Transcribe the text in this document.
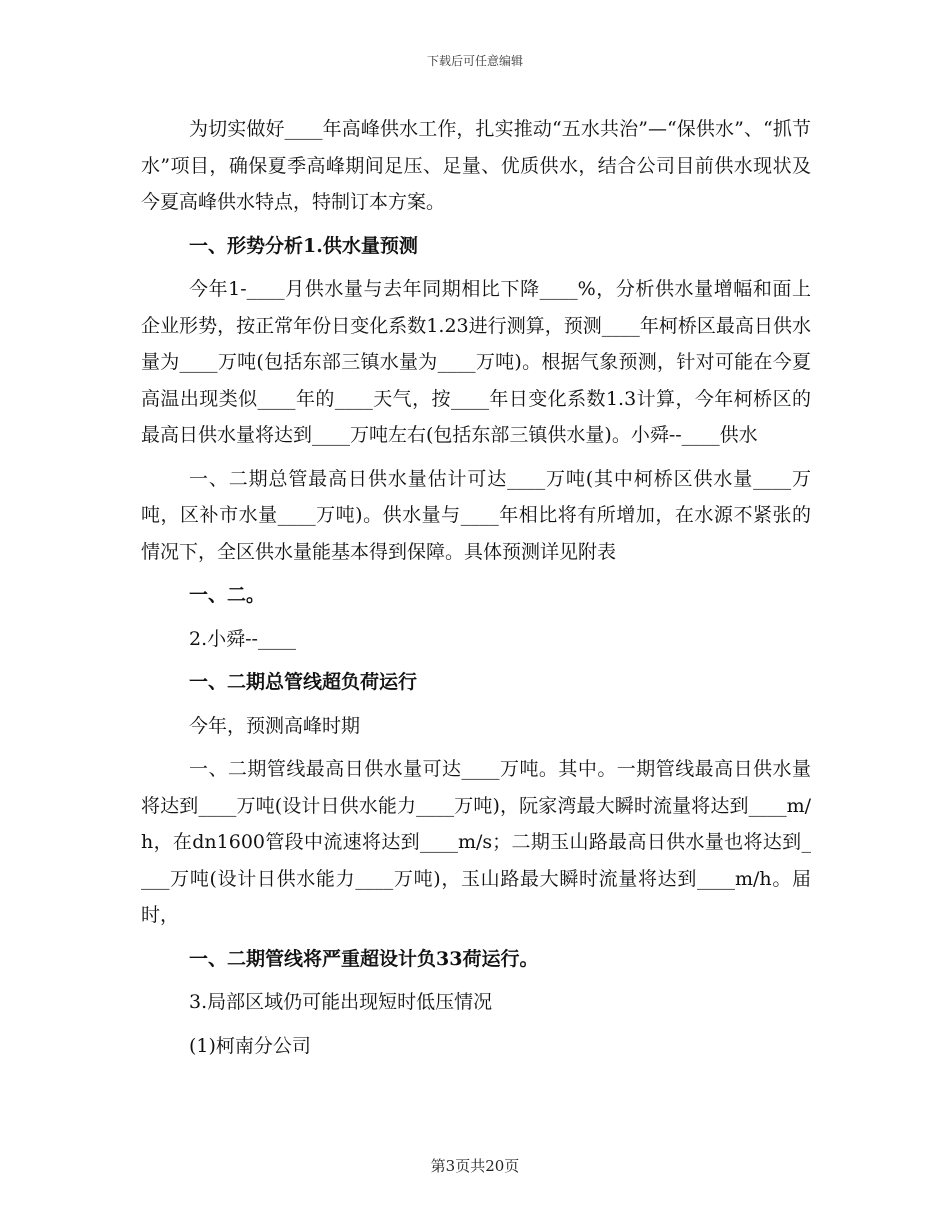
下载后可任意编辑

为切实做好____年高峰供水工作，扎实推动“五水共治”—“保供水”、“抓节水”项目，确保夏季高峰期间足压、足量、优质供水，结合公司目前供水现状及今夏高峰供水特点，特制订本方案。

一、形势分析1.供水量预测

今年1-____月供水量与去年同期相比下降____%，分析供水量增幅和面上企业形势，按正常年份日变化系数1.23进行测算，预测____年柯桥区最高日供水量为____万吨(包括东部三镇水量为____万吨)。根据气象预测，针对可能在今夏高温出现类似____年的____天气，按____年日变化系数1.3计算，今年柯桥区的最高日供水量将达到____万吨左右(包括东部三镇供水量)。小舜--____供水

一、二期总管最高日供水量估计可达____万吨(其中柯桥区供水量____万吨，区补市水量____万吨)。供水量与____年相比将有所增加，在水源不紧张的情况下，全区供水量能基本得到保障。具体预测详见附表

一、二。

2.小舜--____

一、二期总管线超负荷运行

今年，预测高峰时期

一、二期管线最高日供水量可达____万吨。其中。一期管线最高日供水量将达到____万吨(设计日供水能力____万吨)，阮家湾最大瞬时流量将达到____m/h，在dn1600管段中流速将达到____m/s；二期玉山路最高日供水量也将达到____万吨(设计日供水能力____万吨)，玉山路最大瞬时流量将达到____m/h。届时，

一、二期管线将严重超设计负33荷运行。

3.局部区域仍可能出现短时低压情况

(1)柯南分公司

第3页共20页
